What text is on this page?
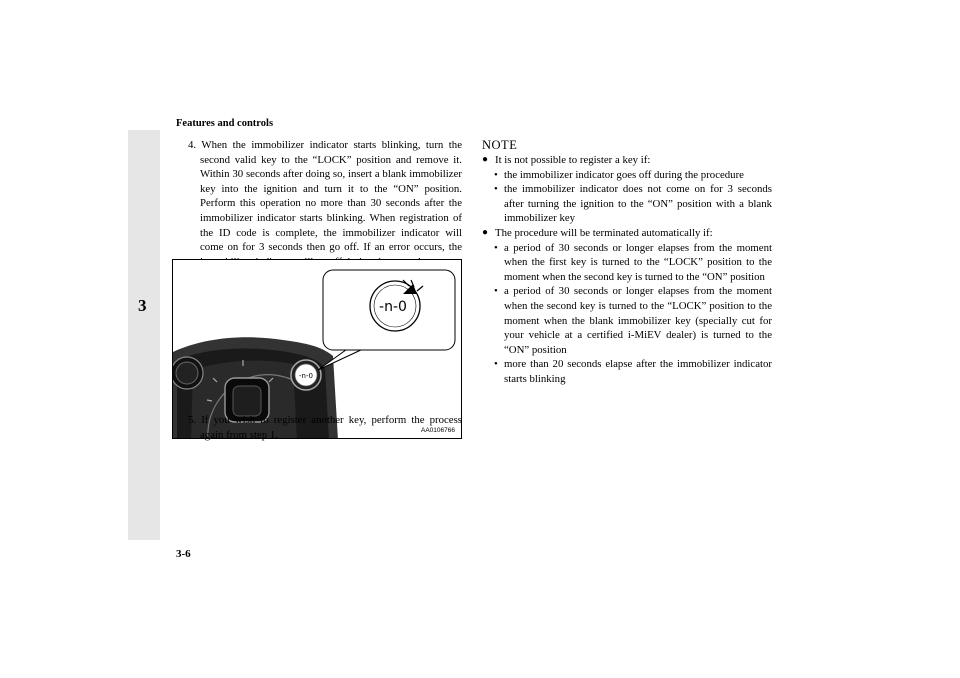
Features and controls
3
4. When the immobilizer indicator starts blinking, turn the second valid key to the “LOCK” position and remove it. Within 30 seconds after doing so, insert a blank immobilizer key into the ignition and turn it to the “ON” position. Perform this operation no more than 30 seconds after the immobilizer indicator starts blinking. When registration of the ID code is complete, the immobilizer indicator will come on for 3 seconds then go off. If an error occurs, the
-n-0
-n-0
AA0106766
5. If you wish to register another key, perform the process again from step 1.
NOTE
● It is not possible to register a key if:
• the immobilizer indicator goes off during the procedure
• the immobilizer indicator does not come on for 3 seconds after turning the ignition to the “ON” position with a blank immobilizer key
● The procedure will be terminated automatically if:
• a period of 30 seconds or longer elapses from the moment when the first key is turned to the “LOCK” position to the moment when the second key is turned to the “ON” position
• a period of 30 seconds or longer elapses from the moment when the second key is turned to the “LOCK” position to the moment when the blank immobilizer key (specially cut for your vehicle at a certified i-MiEV dealer) is turned to the “ON” position
• more than 20 seconds elapse after the immobilizer indicator starts blinking
3-6
